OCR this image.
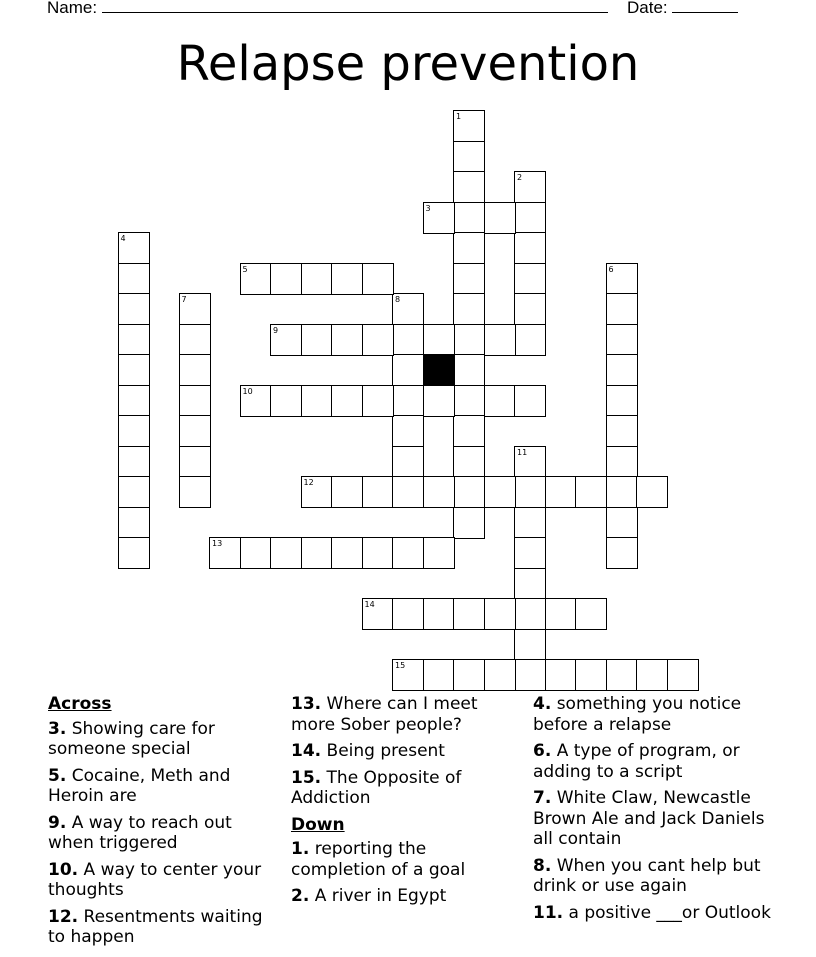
Name:	Date:
Relapse prevention
1
2
4
6
7	8
11
3
5
9
10
12
13
14
15
Across
3. Showing care for someone special
5. Cocaine, Meth and Heroin are
9. A way to reach out when triggered
10. A way to center your thoughts
12. Resentments waiting to happen
13. Where can I meet more Sober people?
14. Being present
15. The Opposite of Addiction
Down
1. reporting the completion of a goal
2. A river in Egypt
4. something you notice before a relapse
6. A type of program, or adding to a script
7. White Claw, Newcastle Brown Ale and Jack Daniels all contain
8. When you cant help but drink or use again
11. a positive ___or Outlook
